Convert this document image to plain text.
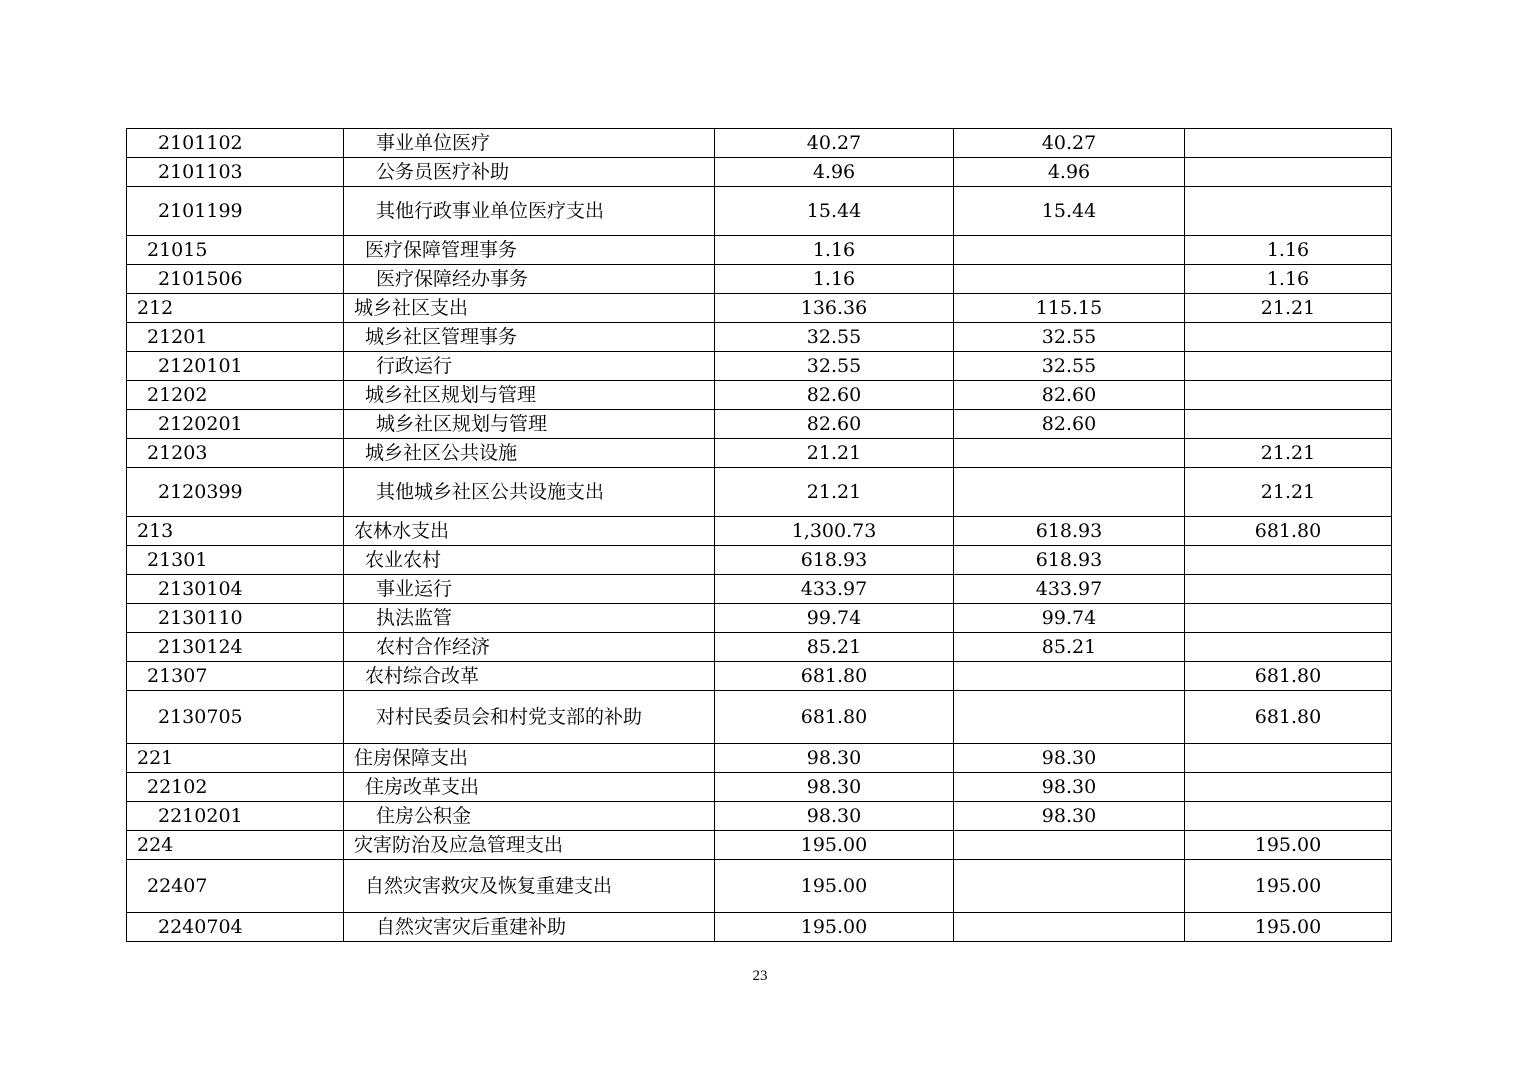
2101102	事业单位医疗	40.27	40.27	
2101103	公务员医疗补助	4.96	4.96	
2101199	其他行政事业单位医疗支出	15.44	15.44	
21015	医疗保障管理事务	1.16		1.16
2101506	医疗保障经办事务	1.16		1.16
212	城乡社区支出	136.36	115.15	21.21
21201	城乡社区管理事务	32.55	32.55	
2120101	行政运行	32.55	32.55	
21202	城乡社区规划与管理	82.60	82.60	
2120201	城乡社区规划与管理	82.60	82.60	
21203	城乡社区公共设施	21.21		21.21
2120399	其他城乡社区公共设施支出	21.21		21.21
213	农林水支出	1,300.73	618.93	681.80
21301	农业农村	618.93	618.93	
2130104	事业运行	433.97	433.97	
2130110	执法监管	99.74	99.74	
2130124	农村合作经济	85.21	85.21	
21307	农村综合改革	681.80		681.80
2130705	对村民委员会和村党支部的补助	681.80		681.80
221	住房保障支出	98.30	98.30	
22102	住房改革支出	98.30	98.30	
2210201	住房公积金	98.30	98.30	
224	灾害防治及应急管理支出	195.00		195.00
22407	自然灾害救灾及恢复重建支出	195.00		195.00
2240704	自然灾害灾后重建补助	195.00		195.00
23
